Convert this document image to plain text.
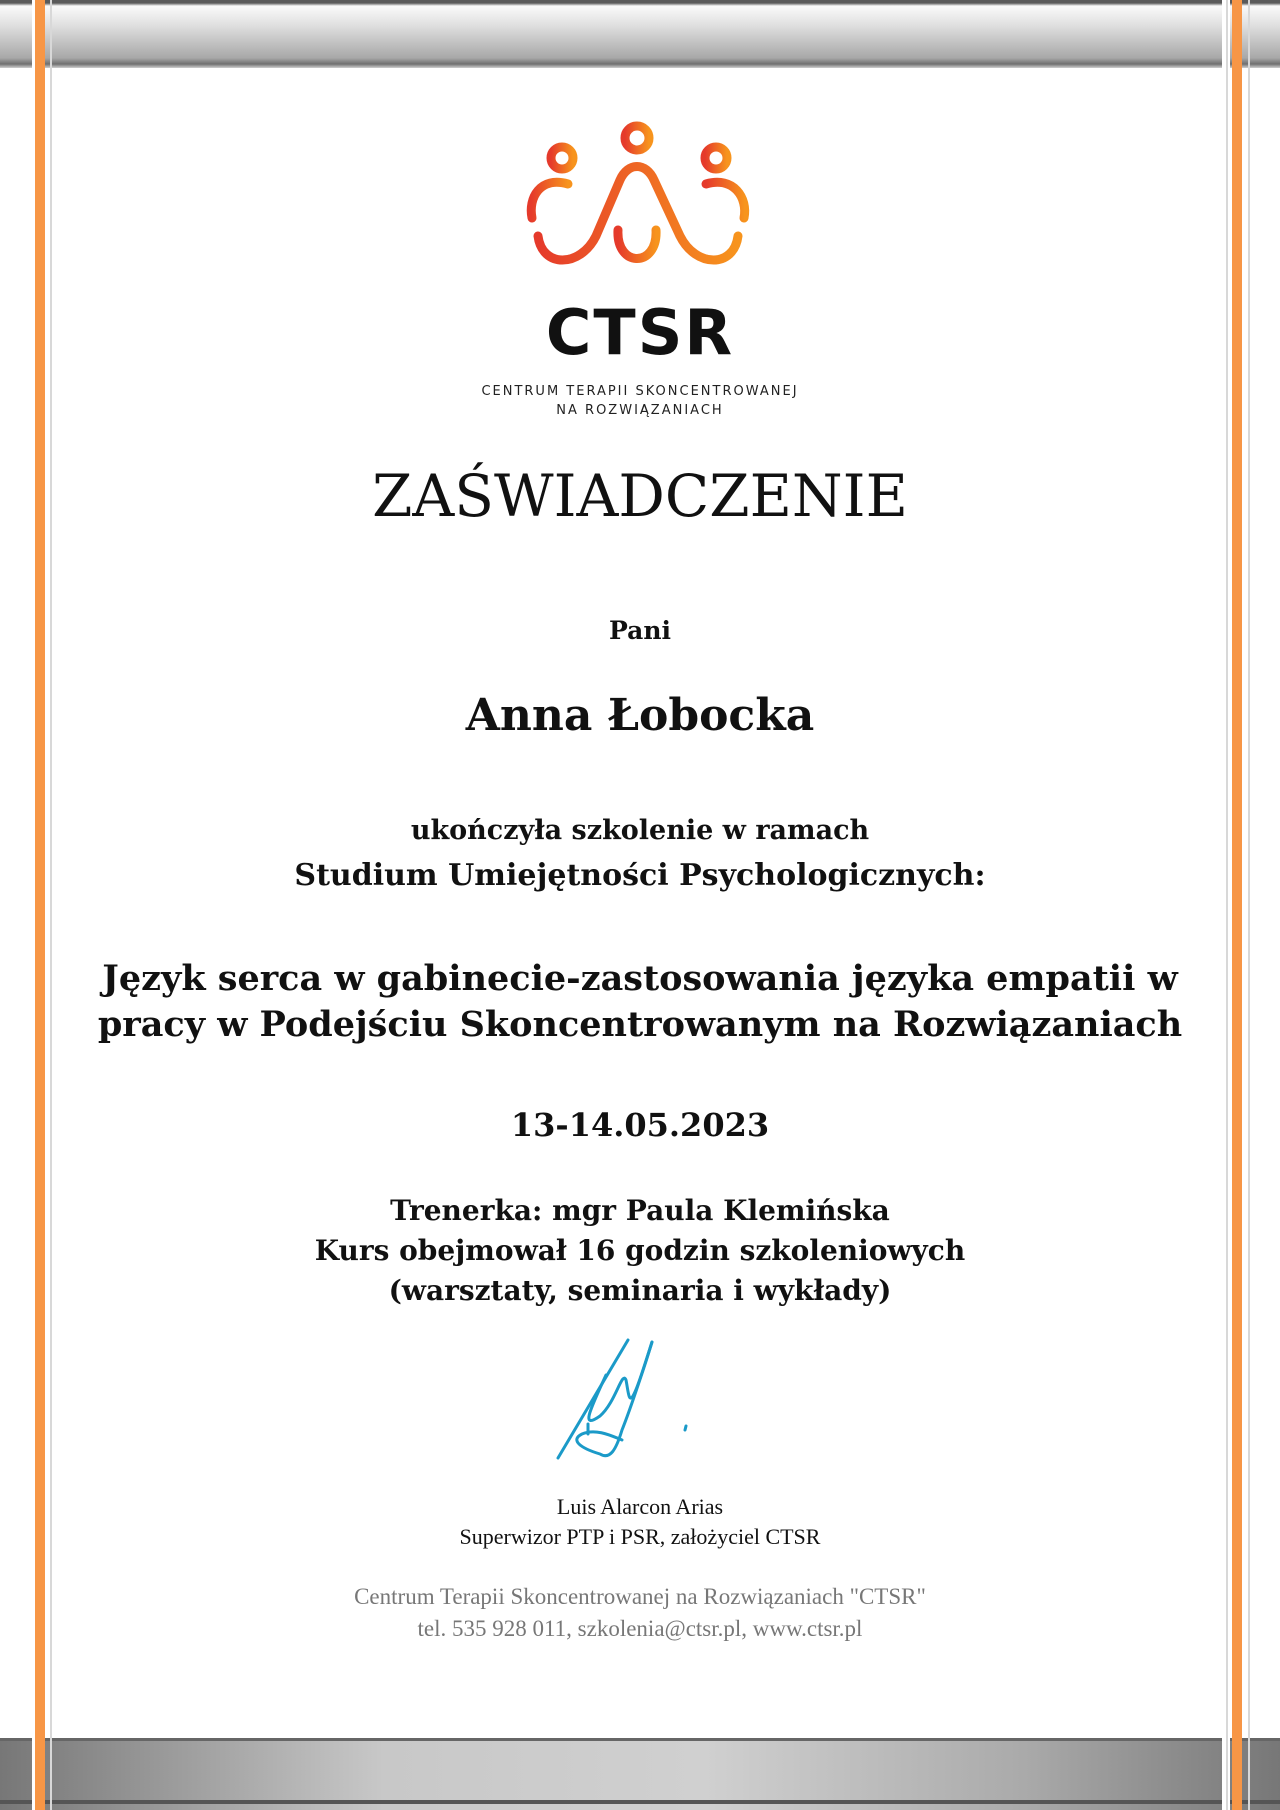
CTSR
CENTRUM TERAPII SKONCENTROWANEJ
NA ROZWIĄZANIACH
ZAŚWIADCZENIE
Pani
Anna Łobocka
ukończyła szkolenie w ramach
Studium Umiejętności Psychologicznych:
Język serca w gabinecie-zastosowania języka empatii w
pracy w Podejściu Skoncentrowanym na Rozwiązaniach
13-14.05.2023
Trenerka: mgr Paula Klemińska
Kurs obejmował 16 godzin szkoleniowych
(warsztaty, seminaria i wykłady)
Luis Alarcon Arias
Superwizor PTP i PSR, założyciel CTSR
Centrum Terapii Skoncentrowanej na Rozwiązaniach "CTSR"
tel. 535 928 011, szkolenia@ctsr.pl, www.ctsr.pl
